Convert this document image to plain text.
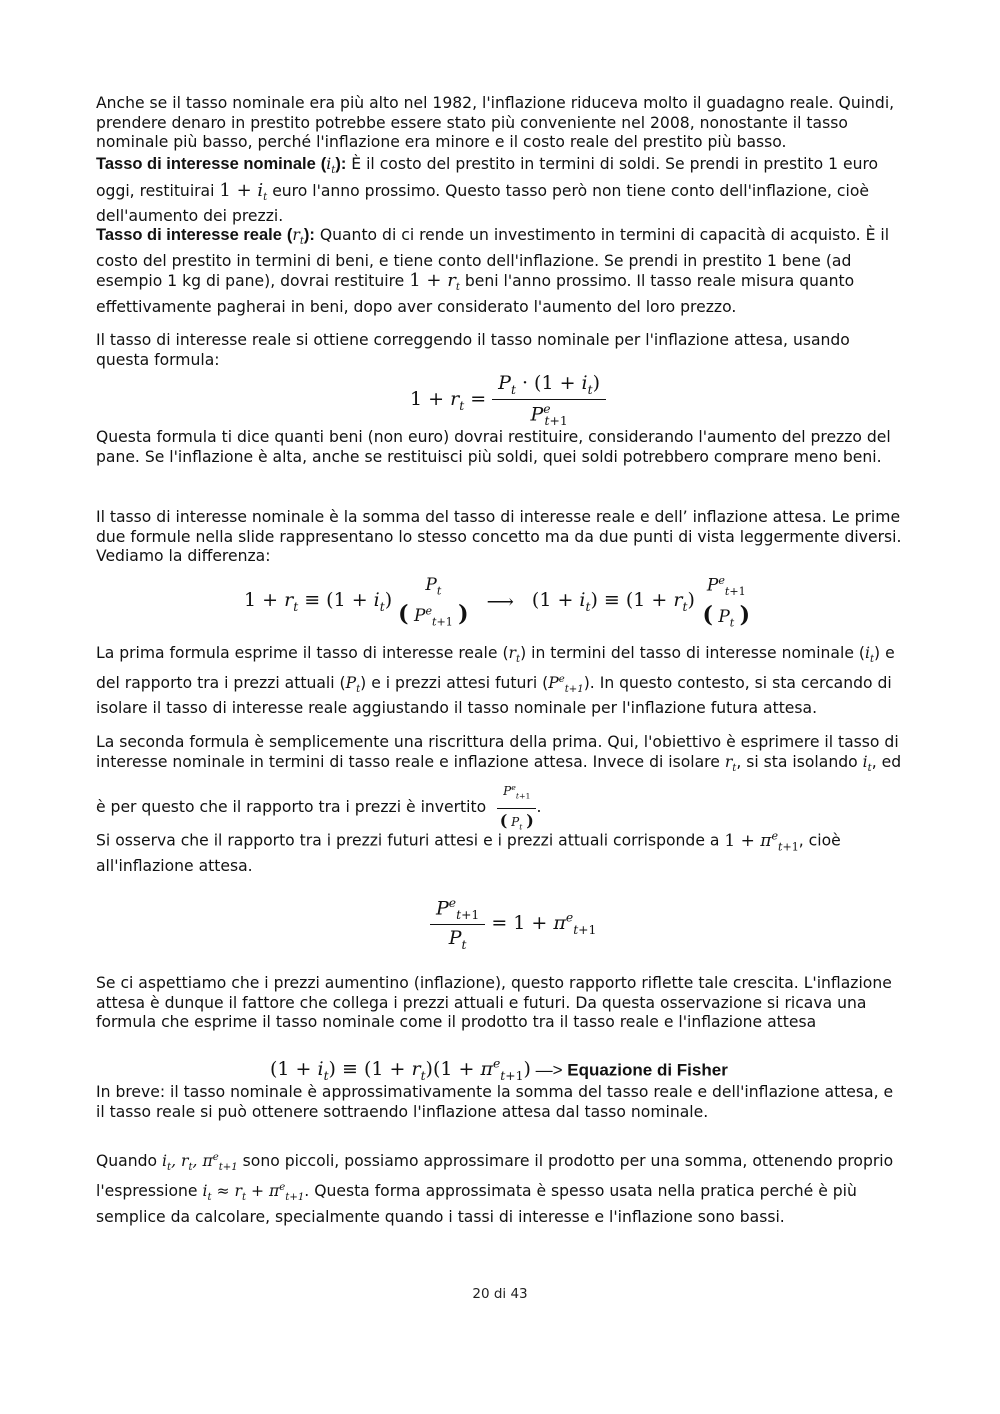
Anche se il tasso nominale era più alto nel 1982, l'inflazione riduceva molto il guadagno reale. Quindi, prendere denaro in prestito potrebbe essere stato più conveniente nel 2008, nonostante il tasso nominale più basso, perché l'inflazione era minore e il costo reale del prestito più basso.

Tasso di interesse nominale $(i_t)$: È il costo del prestito in termini di soldi. Se prendi in prestito 1 euro oggi, restituirai $1 + i_t$ euro l'anno prossimo. Questo tasso però non tiene conto dell'inflazione, cioè dell'aumento dei prezzi.

Tasso di interesse reale $(r_t)$: Quanto di ci rende un investimento in termini di capacità di acquisto. È il costo del prestito in termini di beni, e tiene conto dell'inflazione. Se prendi in prestito 1 bene (ad esempio 1 kg di pane), dovrai restituire $1 + r_t$ beni l'anno prossimo. Il tasso reale misura quanto effettivamente pagherai in beni, dopo aver considerato l'aumento del loro prezzo.

Il tasso di interesse reale si ottiene correggendo il tasso nominale per l'inflazione attesa, usando questa formula:

$1 + r_t = \frac{P_t \cdot (1 + i_t)}{P^e_{t+1}}$

Questa formula ti dice quanti beni (non euro) dovrai restituire, considerando l'aumento del prezzo del pane. Se l'inflazione è alta, anche se restituisci più soldi, quei soldi potrebbero comprare meno beni.

Il tasso di interesse nominale è la somma del tasso di interesse reale e dell’ inflazione attesa. Le prime due formule nella slide rappresentano lo stesso concetto ma da due punti di vista leggermente diversi. Vediamo la differenza:

$1 + r_t \equiv (1 + i_t)$
$P_t$
( $P^e_{t+1}$ ) ⟶ $(1 + i_t) \equiv (1 + r_t)$
$P^e_{t+1}$
( $P_t$ )

La prima formula esprime il tasso di interesse reale $(r_t)$ in termini del tasso di interesse nominale $(i_t)$ e del rapporto tra i prezzi attuali $(P_t)$ e i prezzi attesi futuri $(P^e_{t+1})$. In questo contesto, si sta cercando di isolare il tasso di interesse reale aggiustando il tasso nominale per l'inflazione futura attesa.

La seconda formula è semplicemente una riscrittura della prima. Qui, l'obiettivo è esprimere il tasso di interesse nominale in termini di tasso reale e inflazione attesa. Invece di isolare $r_t$, si sta isolando $i_t$, ed è per questo che il rapporto tra i prezzi è invertito $\frac{P^e_{t+1}}{( P_t )}$ .

Si osserva che il rapporto tra i prezzi futuri attesi e i prezzi attuali corrisponde a $1 + \pi^e_{t+1}$, cioè all'inflazione attesa.

$\frac{P^e_{t+1}}{P_t} = 1 + \pi^e_{t+1}$

Se ci aspettiamo che i prezzi aumentino (inflazione), questo rapporto riflette tale crescita. L'inflazione attesa è dunque il fattore che collega i prezzi attuali e futuri. Da questa osservazione si ricava una formula che esprime il tasso nominale come il prodotto tra il tasso reale e l'inflazione attesa

$(1 + i_t) \equiv (1 + r_t)(1 + \pi^e_{t+1})$ —> Equazione di Fisher

In breve: il tasso nominale è approssimativamente la somma del tasso reale e dell'inflazione attesa, e il tasso reale si può ottenere sottraendo l'inflazione attesa dal tasso nominale.

Quando $i_t$, $r_t$, $\pi^e_{t+1}$ sono piccoli, possiamo approssimare il prodotto per una somma, ottenendo proprio l'espressione $i_t \approx r_t + \pi^e_{t+1}$. Questa forma approssimata è spesso usata nella pratica perché è più semplice da calcolare, specialmente quando i tassi di interesse e l'inflazione sono bassi.

20 di 43
